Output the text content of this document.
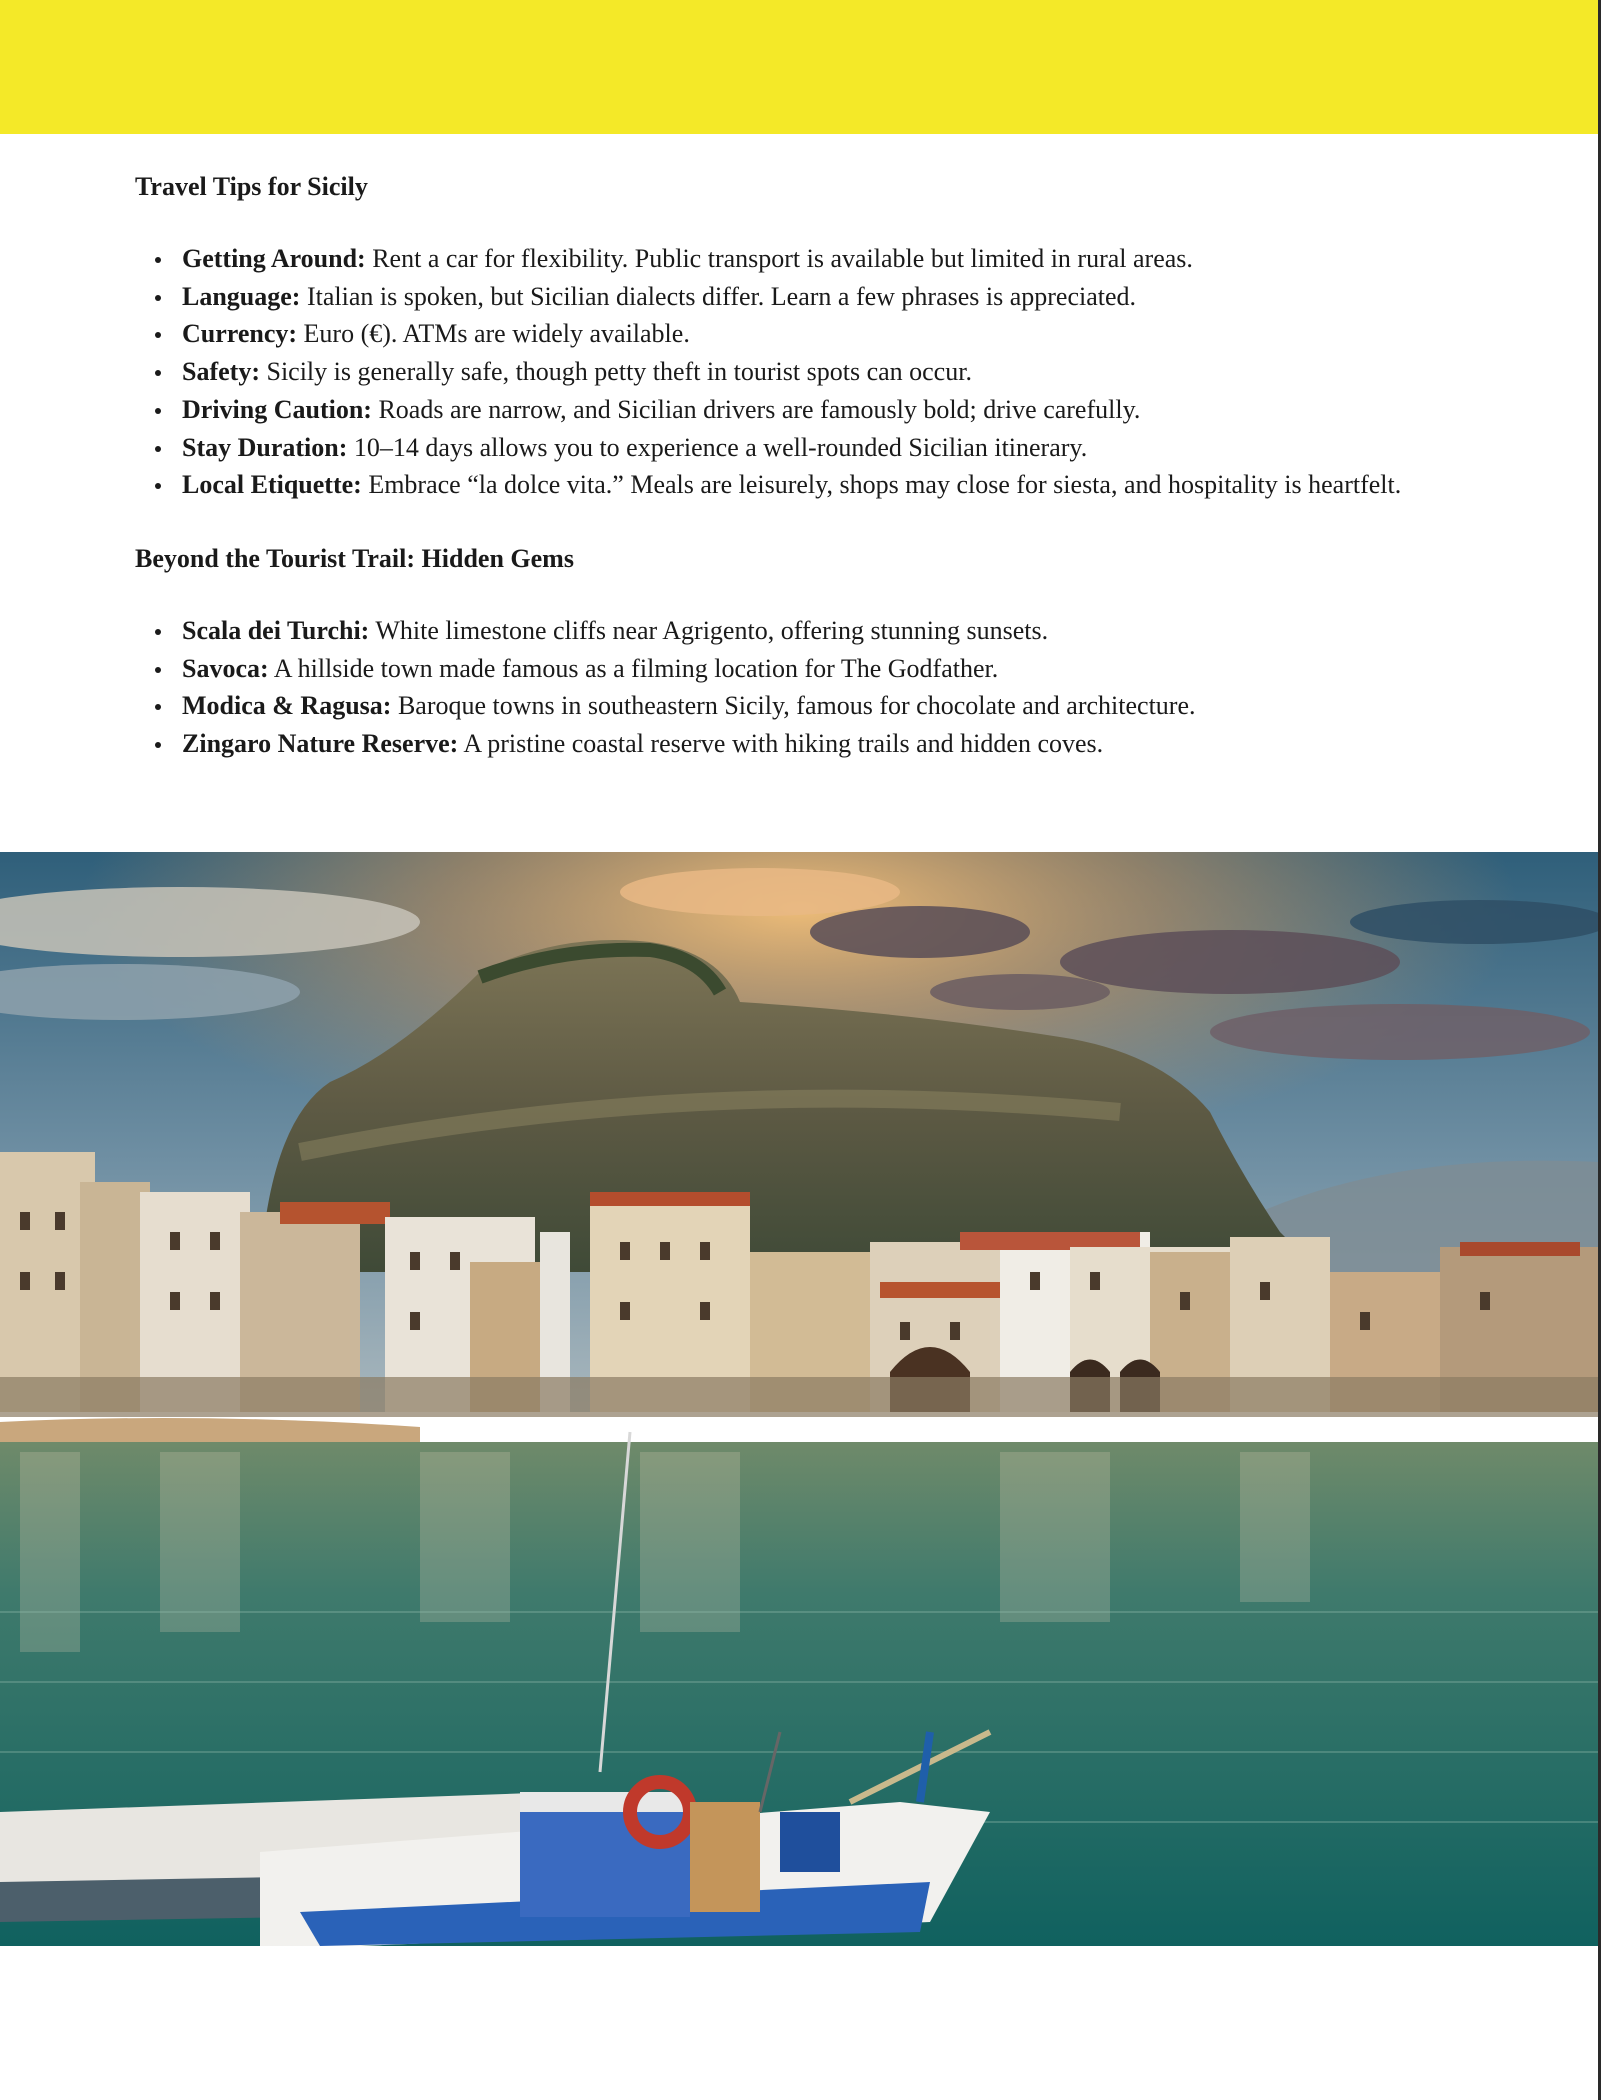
Travel Tips for Sicily
Getting Around: Rent a car for flexibility. Public transport is available but limited in rural areas.
Language: Italian is spoken, but Sicilian dialects differ. Learn a few phrases is appreciated.
Currency: Euro (€). ATMs are widely available.
Safety: Sicily is generally safe, though petty theft in tourist spots can occur.
Driving Caution: Roads are narrow, and Sicilian drivers are famously bold; drive carefully.
Stay Duration: 10–14 days allows you to experience a well-rounded Sicilian itinerary.
Local Etiquette: Embrace “la dolce vita.” Meals are leisurely, shops may close for siesta, and hospitality is heartfelt.
Beyond the Tourist Trail: Hidden Gems
Scala dei Turchi: White limestone cliffs near Agrigento, offering stunning sunsets.
Savoca: A hillside town made famous as a filming location for The Godfather.
Modica & Ragusa: Baroque towns in southeastern Sicily, famous for chocolate and architecture.
Zingaro Nature Reserve: A pristine coastal reserve with hiking trails and hidden coves.
